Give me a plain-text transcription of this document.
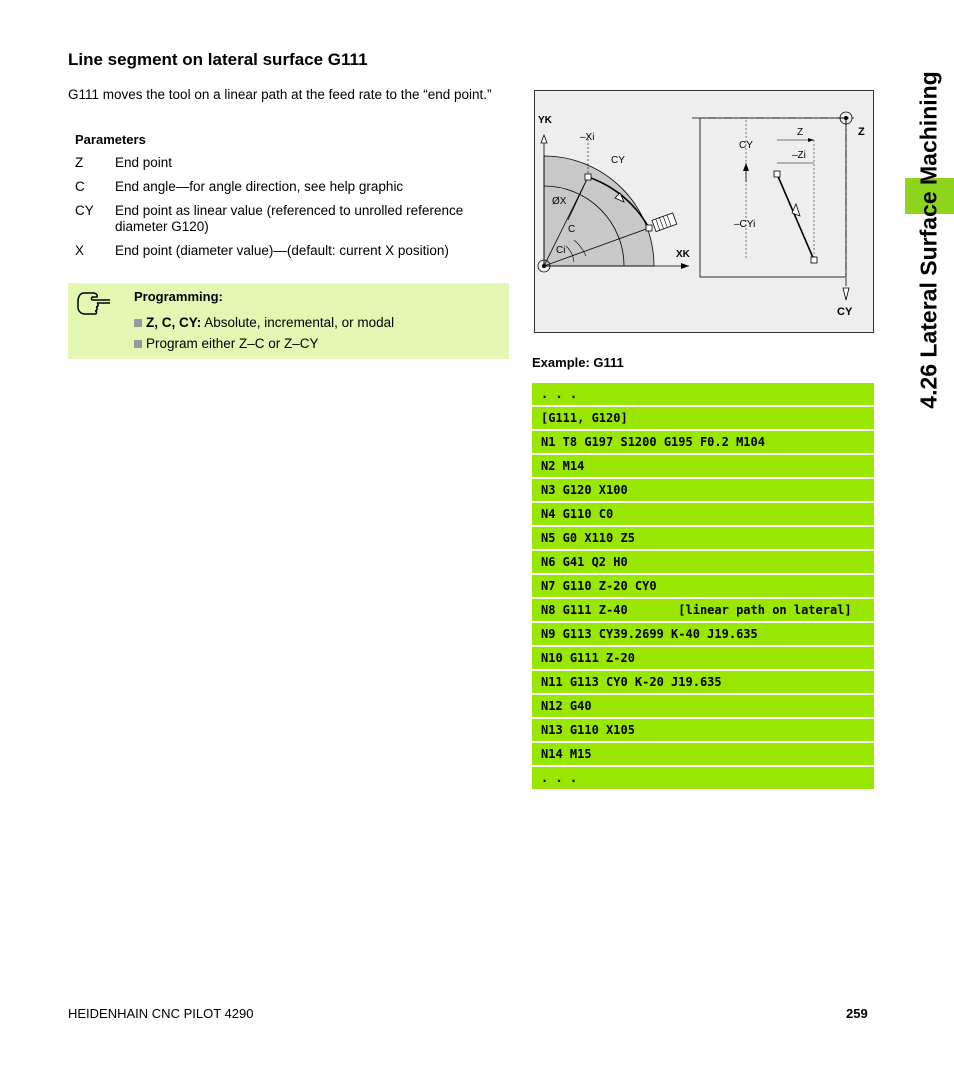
Line segment on lateral surface G111
G111 moves the tool on a linear path at the feed rate to the “end point.”
Parameters
Z End point
C End angle—for angle direction, see help graphic
CY End point as linear value (referenced to unrolled reference diameter G120)
X End point (diameter value)—(default: current X position)
Programming:
Z, C, CY: Absolute, incremental, or modal
Program either Z–C or Z–CY
YK
–Xi
CY
ØX
C
Ci	XK
CY
Z
–Zi
–CYi
Z
CY
Example: G111
. . .
[G111, G120]
N1 T8 G197 S1200 G195 F0.2 M104
N2 M14
N3 G120 X100
N4 G110 C0
N5 G0 X110 Z5
N6 G41 Q2 H0
N7 G110 Z-20 CY0
N8 G111 Z-40       [linear path on lateral]
N9 G113 CY39.2699 K-40 J19.635
N10 G111 Z-20
N11 G113 CY0 K-20 J19.635
N12 G40
N13 G110 X105
N14 M15
. . .
4.26 Lateral Surface Machining
HEIDENHAIN CNC PILOT 4290	259
